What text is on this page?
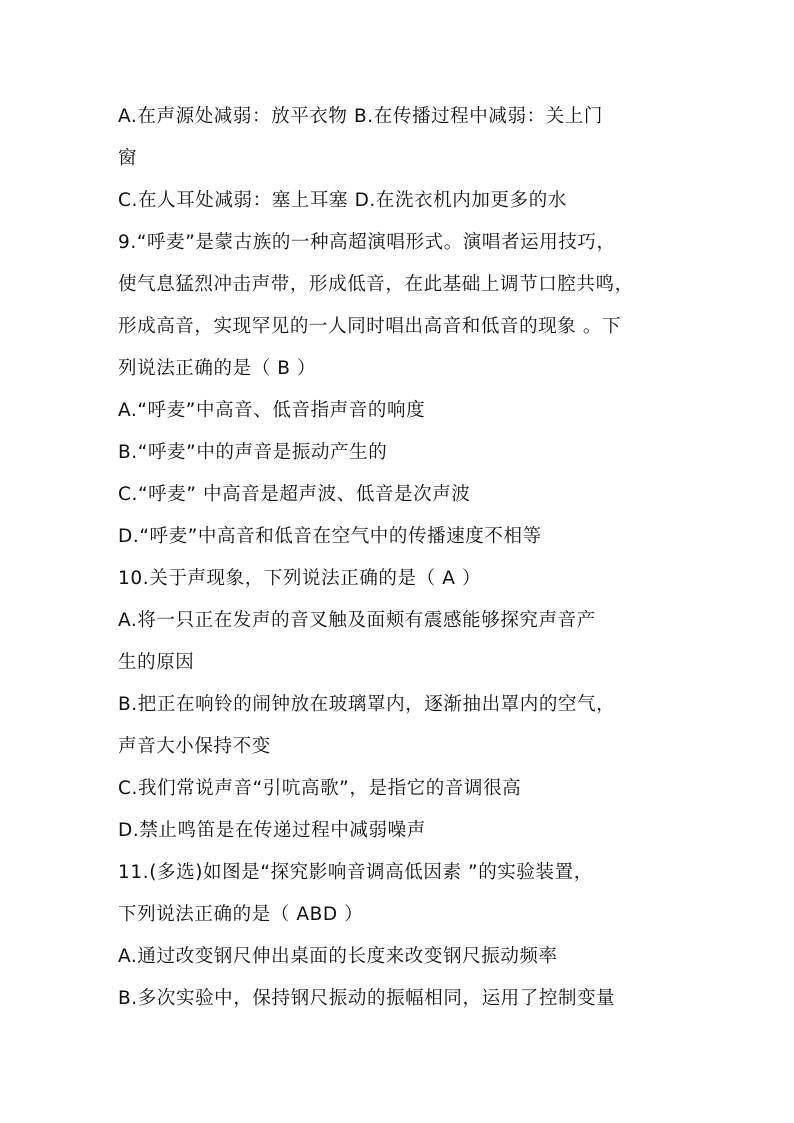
A.在声源处减弱：放平衣物 B.在传播过程中减弱：关上门
窗
C.在人耳处减弱：塞上耳塞 D.在洗衣机内加更多的水
9.“呼麦”是蒙古族的一种高超演唱形式。演唱者运用技巧，
使气息猛烈冲击声带，形成低音，在此基础上调节口腔共鸣，
形成高音，实现罕见的一人同时唱出高音和低音的现象 。下
列说法正确的是（ B ）
A.“呼麦”中高音、低音指声音的响度
B.“呼麦”中的声音是振动产生的
C.“呼麦” 中高音是超声波、低音是次声波
D.“呼麦”中高音和低音在空气中的传播速度不相等
10.关于声现象，下列说法正确的是（ A ）
A.将一只正在发声的音叉触及面颊有震感能够探究声音产
生的原因
B.把正在响铃的闹钟放在玻璃罩内，逐渐抽出罩内的空气，
声音大小保持不变
C.我们常说声音“引吭高歌”，是指它的音调很高
D.禁止鸣笛是在传递过程中减弱噪声
11.(多选)如图是“探究影响音调高低因素 ”的实验装置，
下列说法正确的是（ ABD ）
A.通过改变钢尺伸出桌面的长度来改变钢尺振动频率
B.多次实验中，保持钢尺振动的振幅相同，运用了控制变量
